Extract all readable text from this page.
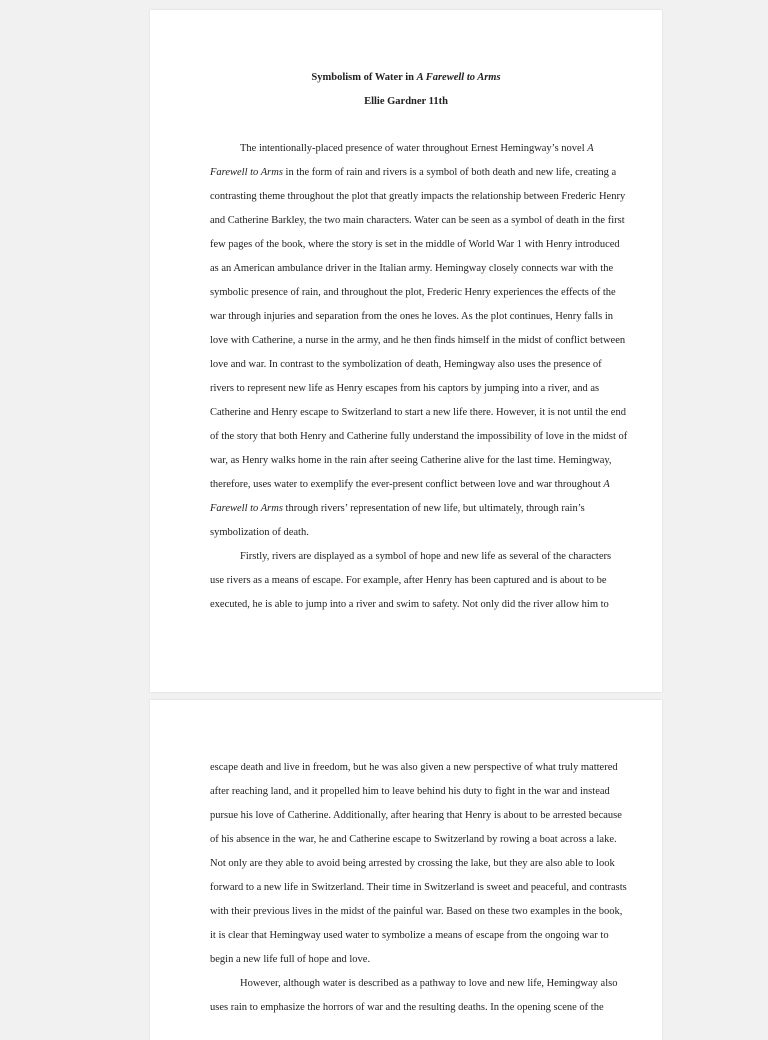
Symbolism of Water in A Farewell to Arms
Ellie Gardner 11th
The intentionally-placed presence of water throughout Ernest Hemingway’s novel A
Farewell to Arms in the form of rain and rivers is a symbol of both death and new life, creating a
contrasting theme throughout the plot that greatly impacts the relationship between Frederic Henry
and Catherine Barkley, the two main characters. Water can be seen as a symbol of death in the first
few pages of the book, where the story is set in the middle of World War 1 with Henry introduced
as an American ambulance driver in the Italian army. Hemingway closely connects war with the
symbolic presence of rain, and throughout the plot, Frederic Henry experiences the effects of the
war through injuries and separation from the ones he loves. As the plot continues, Henry falls in
love with Catherine, a nurse in the army, and he then finds himself in the midst of conflict between
love and war. In contrast to the symbolization of death, Hemingway also uses the presence of
rivers to represent new life as Henry escapes from his captors by jumping into a river, and as
Catherine and Henry escape to Switzerland to start a new life there. However, it is not until the end
of the story that both Henry and Catherine fully understand the impossibility of love in the midst of
war, as Henry walks home in the rain after seeing Catherine alive for the last time. Hemingway,
therefore, uses water to exemplify the ever-present conflict between love and war throughout A
Farewell to Arms through rivers’ representation of new life, but ultimately, through rain’s
symbolization of death.
Firstly, rivers are displayed as a symbol of hope and new life as several of the characters
use rivers as a means of escape. For example, after Henry has been captured and is about to be
executed, he is able to jump into a river and swim to safety. Not only did the river allow him to
escape death and live in freedom, but he was also given a new perspective of what truly mattered
after reaching land, and it propelled him to leave behind his duty to fight in the war and instead
pursue his love of Catherine. Additionally, after hearing that Henry is about to be arrested because
of his absence in the war, he and Catherine escape to Switzerland by rowing a boat across a lake.
Not only are they able to avoid being arrested by crossing the lake, but they are also able to look
forward to a new life in Switzerland. Their time in Switzerland is sweet and peaceful, and contrasts
with their previous lives in the midst of the painful war. Based on these two examples in the book,
it is clear that Hemingway used water to symbolize a means of escape from the ongoing war to
begin a new life full of hope and love.
However, although water is described as a pathway to love and new life, Hemingway also
uses rain to emphasize the horrors of war and the resulting deaths. In the opening scene of the
